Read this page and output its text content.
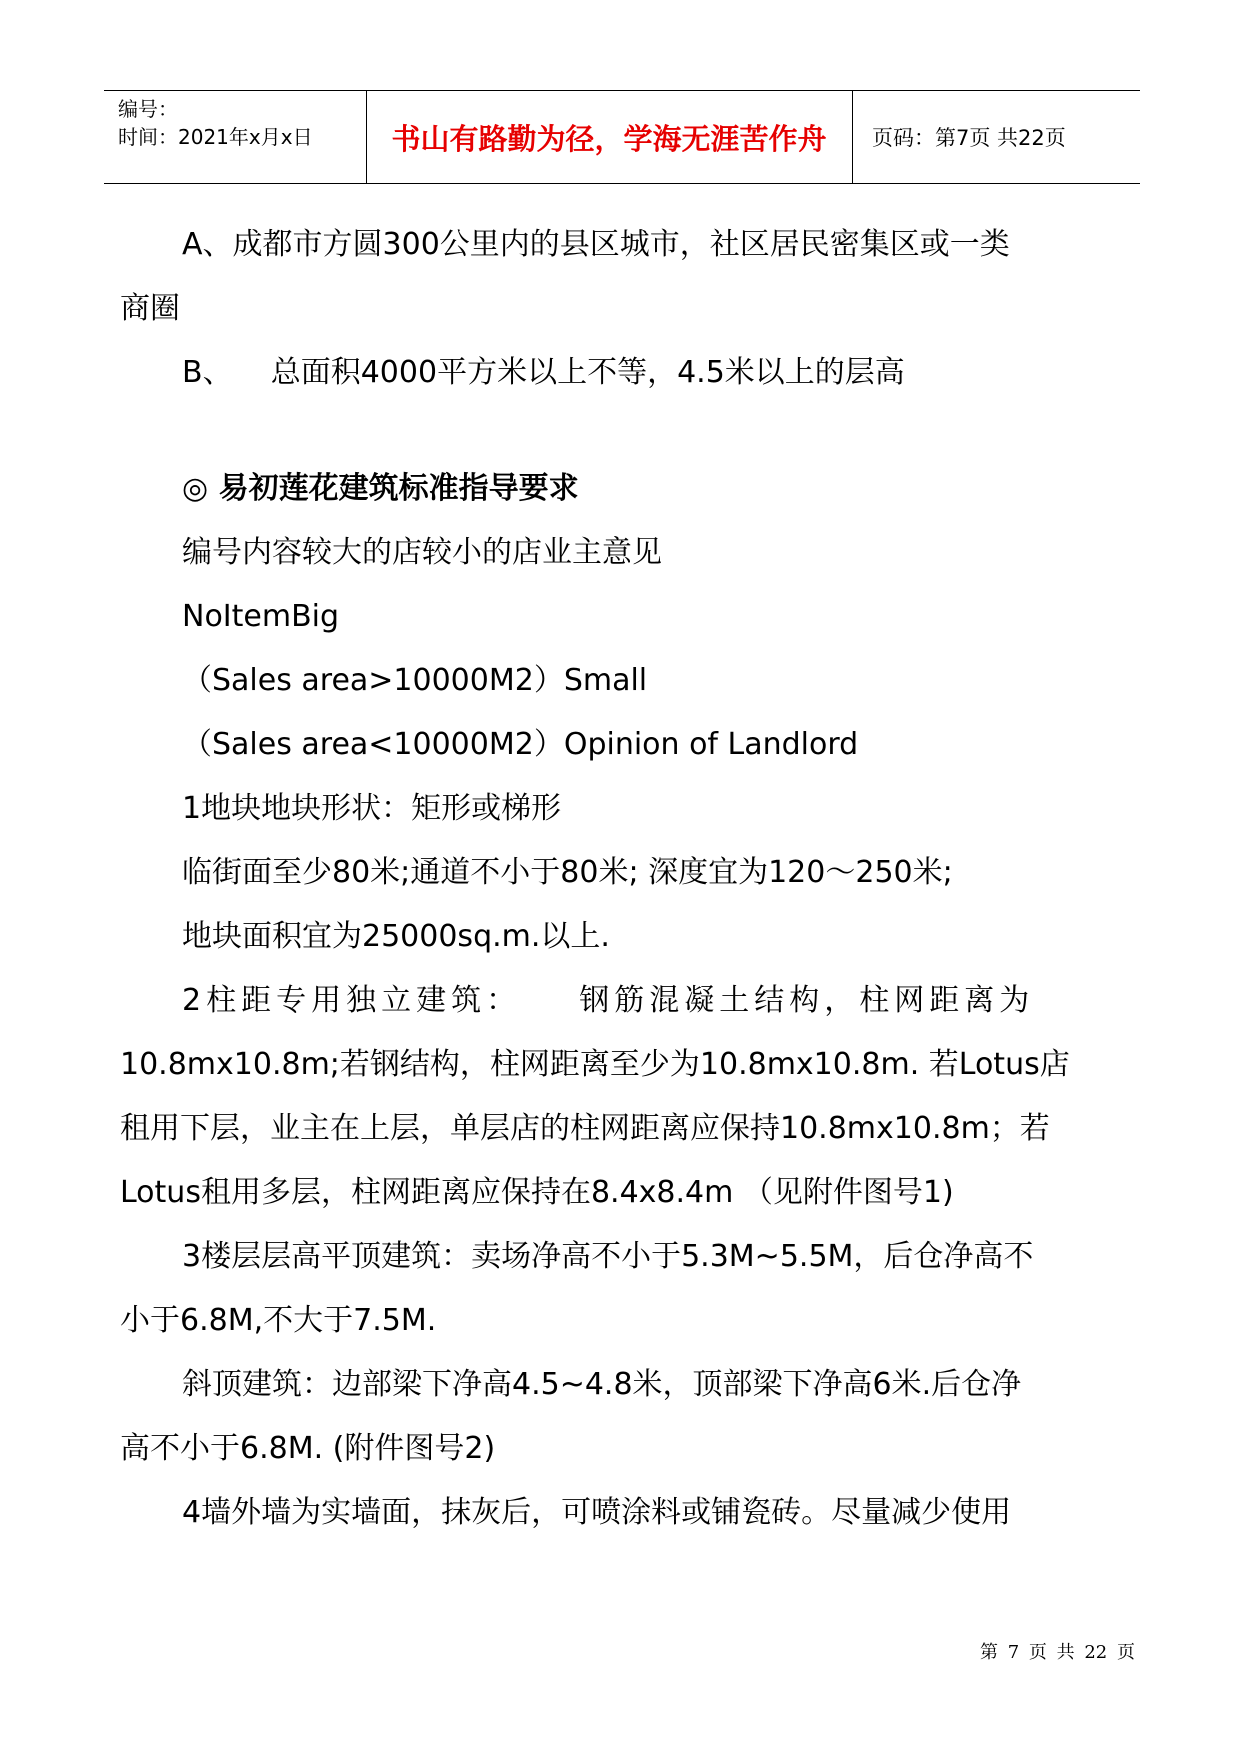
编号：
时间：2021年x月x日	书山有路勤为径，学海无涯苦作舟	页码：第7页 共22页
A、成都市方圆300公里内的县区城市，社区居民密集区或一类
商圈
B、    总面积4000平方米以上不等，4.5米以上的层高
◎ 易初莲花建筑标准指导要求
编号内容较大的店较小的店业主意见
NoItemBig
（Sales area>10000M2）Small
（Sales area<10000M2）Opinion of Landlord
1地块地块形状：矩形或梯形
临街面至少80米;通道不小于80米; 深度宜为120～250米;
地块面积宜为25000sq.m.以上.
2柱距专用独立建筑：    钢筋混凝土结构，柱网距离为
10.8mx10.8m;若钢结构，柱网距离至少为10.8mx10.8m. 若Lotus店
租用下层，业主在上层，单层店的柱网距离应保持10.8mx10.8m；若
Lotus租用多层，柱网距离应保持在8.4x8.4m （见附件图号1)
3楼层层高平顶建筑：卖场净高不小于5.3M~5.5M，后仓净高不
小于6.8M,不大于7.5M.
斜顶建筑：边部梁下净高4.5~4.8米，顶部梁下净高6米.后仓净
高不小于6.8M. (附件图号2)
4墙外墙为实墙面，抹灰后，可喷涂料或铺瓷砖。尽量减少使用
第 7 页 共 22 页
